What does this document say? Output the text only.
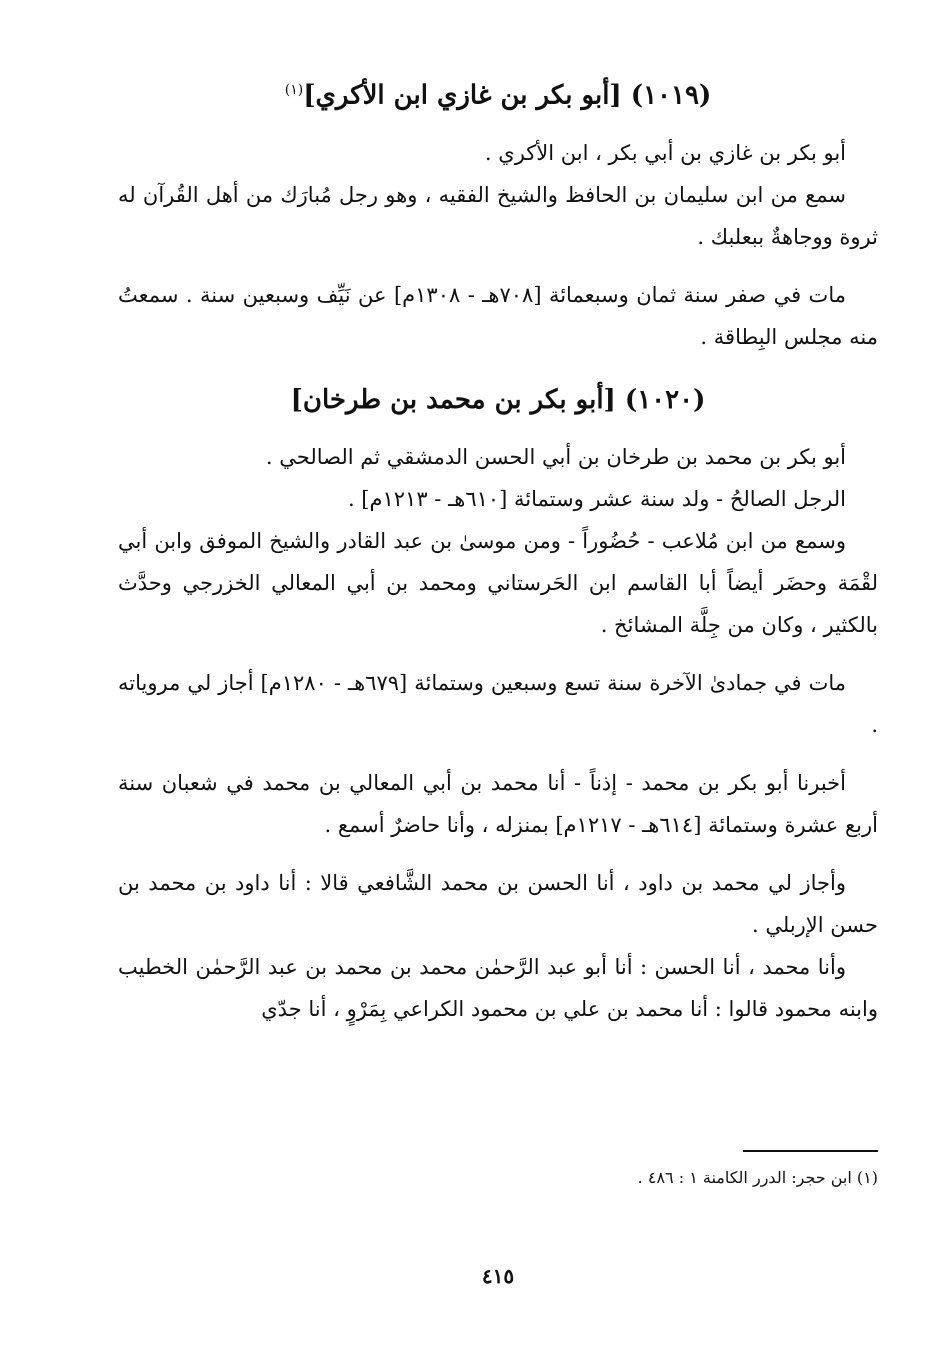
(١٠١٩) [أبو بكر بن غازي ابن الأكري]$^{(١)}$

أبو بكر بن غازي بن أبي بكر ، ابن الأكري .

سمع من ابن سليمان بن الحافظ والشيخ الفقيه ، وهو رجل مُبارَك من أهل القُرآن له ثروة ووجاهةٌ ببعلبك .

مات في صفر سنة ثمان وسبعمائة [٧٠٨هـ - ١٣٠٨م] عن نَيِّف وسبعين سنة . سمعتُ منه مجلس البِطاقة .

(١٠٢٠) [أبو بكر بن محمد بن طرخان]

أبو بكر بن محمد بن طرخان بن أبي الحسن الدمشقي ثم الصالحي .

الرجل الصالحُ - ولد سنة عشر وستمائة [٦١٠هـ - ١٢١٣م] .

وسمع من ابن مُلاعب - حُضُوراً - ومن موسىٰ بن عبد القادر والشيخ الموفق وابن أبي لقْمَة وحضَر أيضاً أبا القاسم ابن الحَرستاني ومحمد بن أبي المعالي الخزرجي وحدَّث بالكثير ، وكان من جِلَّة المشائخ .

مات في جمادىٰ الآخرة سنة تسع وسبعين وستمائة [٦٧٩هـ - ١٢٨٠م] أجاز لي مروياته .

أخبرنا أبو بكر بن محمد - إذناً - أنا محمد بن أبي المعالي بن محمد في شعبان سنة أربع عشرة وستمائة [٦١٤هـ - ١٢١٧م] بمنزله ، وأنا حاضرٌ أسمع .

وأجاز لي محمد بن داود ، أنا الحسن بن محمد الشَّافعي قالا : أنا داود بن محمد بن حسن الإربلي .

وأنا محمد ، أنا الحسن : أنا أبو عبد الرَّحمٰن محمد بن محمد بن عبد الرَّحمٰن الخطيب وابنه محمود قالوا : أنا محمد بن علي بن محمود الكراعي بِمَرْوٍ ، أنا جدّي

(١) ابن حجر: الدرر الكامنة ١ : ٤٨٦ .
٤١٥
